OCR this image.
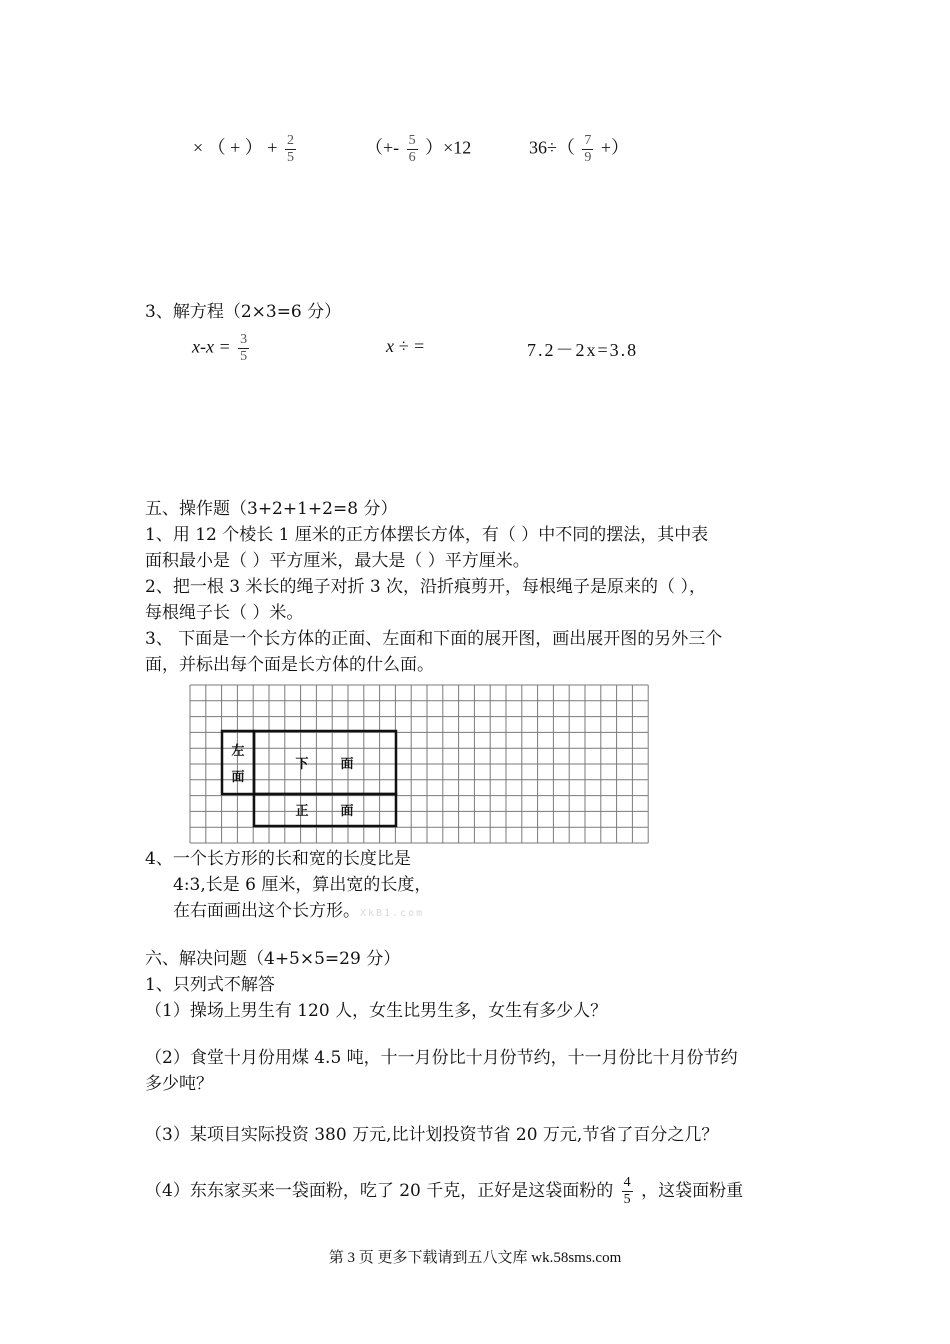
× （ + ） + $\frac{2}{5}$	（+- $\frac{5}{6} )\times 12$	$36\div( \frac{7}{9}$ +）
3、解方程（2×3=6 分）
$x-x = \frac{3}{5}$	x ÷ =	7.2－2x=3.8
五、操作题（3+2+1+2=8 分）
1、用 12 个棱长 1 厘米的正方体摆长方体，有（ ）中不同的摆法，其中表
面积最小是（ ）平方厘米，最大是（ ）平方厘米。
2、把一根 3 米长的绳子对折 3 次，沿折痕剪开，每根绳子是原来的（ ），
每根绳子长（ ）米。
3、 下面是一个长方体的正面、左面和下面的展开图，画出展开图的另外三个
面，并标出每个面是长方体的什么面。
左
面
下 面
正 面
4、一个长方形的长和宽的长度比是
4:3,长是 6 厘米，算出宽的长度，
在右面画出这个长方形。XkB1.com
六、解决问题（4+5×5=29 分）
1、只列式不解答
（1）操场上男生有 120 人，女生比男生多，女生有多少人？
（2）食堂十月份用煤 4.5 吨，十一月份比十月份节约，十一月份比十月份节约
多少吨？
（3）某项目实际投资 380 万元,比计划投资节省 20 万元,节省了百分之几？
（4）东东家买来一袋面粉，吃了 20 千克，正好是这袋面粉的 $\frac{4}{5}$ ，这袋面粉重
第 3 页 更多下载请到五八文库 wk.58sms.com
